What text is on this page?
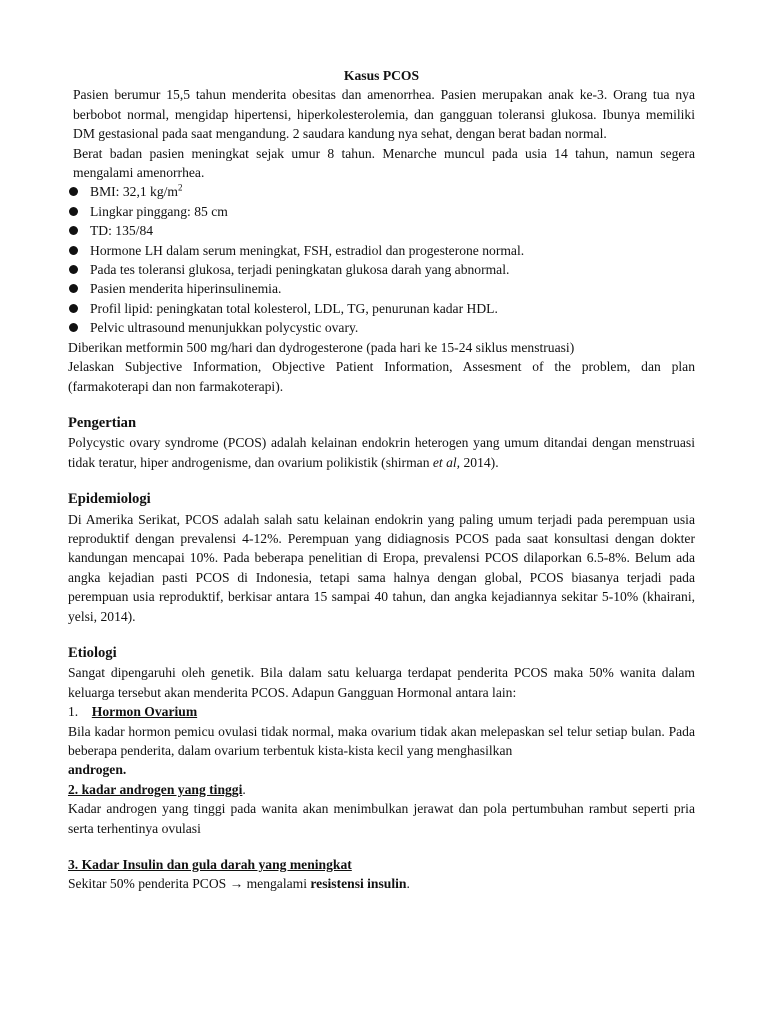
Kasus PCOS

Pasien berumur 15,5 tahun menderita obesitas dan amenorrhea. Pasien merupakan anak ke-3. Orang tua nya berbobot normal, mengidap hipertensi, hiperkolesterolemia, dan gangguan toleransi glukosa. Ibunya memiliki DM gestasional pada saat mengandung. 2 saudara kandung nya sehat, dengan berat badan normal.

Berat badan pasien meningkat sejak umur 8 tahun. Menarche muncul pada usia 14 tahun, namun segera mengalami amenorrhea.

BMI: 32,1 $kg/m^2$
Lingkar pinggang: 85 cm
TD: 135/84
Hormone LH dalam serum meningkat, FSH, estradiol dan progesterone normal.
Pada tes toleransi glukosa, terjadi peningkatan glukosa darah yang abnormal.
Pasien menderita hiperinsulinemia.
Profil lipid: peningkatan total kolesterol, LDL, TG, penurunan kadar HDL.
Pelvic ultrasound menunjukkan polycystic ovary.

Diberikan metformin 500 mg/hari dan dydrogesterone (pada hari ke 15-24 siklus menstruasi)

Jelaskan Subjective Information, Objective Patient Information, Assesment of the problem, dan plan (farmakoterapi dan non farmakoterapi).

Pengertian

Polycystic ovary syndrome (PCOS) adalah kelainan endokrin heterogen yang umum ditandai dengan menstruasi tidak teratur, hiper androgenisme, dan ovarium polikistik (shirman et al, 2014).

Epidemiologi

Di Amerika Serikat, PCOS adalah salah satu kelainan endokrin yang paling umum terjadi pada perempuan usia reproduktif dengan prevalensi 4-12%. Perempuan yang didiagnosis PCOS pada saat konsultasi dengan dokter kandungan mencapai 10%. Pada beberapa penelitian di Eropa, prevalensi PCOS dilaporkan 6.5-8%. Belum ada angka kejadian pasti PCOS di Indonesia, tetapi sama halnya dengan global, PCOS biasanya terjadi pada perempuan usia reproduktif, berkisar antara 15 sampai 40 tahun, dan angka kejadiannya sekitar 5-10% (khairani, yelsi, 2014).

Etiologi

Sangat dipengaruhi oleh genetik. Bila dalam satu keluarga terdapat penderita PCOS maka 50% wanita dalam keluarga tersebut akan menderita PCOS. Adapun Gangguan Hormonal antara lain:

1. Hormon Ovarium

Bila kadar hormon pemicu ovulasi tidak normal, maka ovarium tidak akan melepaskan sel telur setiap bulan. Pada beberapa penderita, dalam ovarium terbentuk kista-kista kecil yang menghasilkan

androgen.

2. kadar androgen yang tinggi.

Kadar androgen yang tinggi pada wanita akan menimbulkan jerawat dan pola pertumbuhan rambut seperti pria serta terhentinya ovulasi

3. Kadar Insulin dan gula darah yang meningkat

Sekitar 50% penderita PCOS → mengalami resistensi insulin.
